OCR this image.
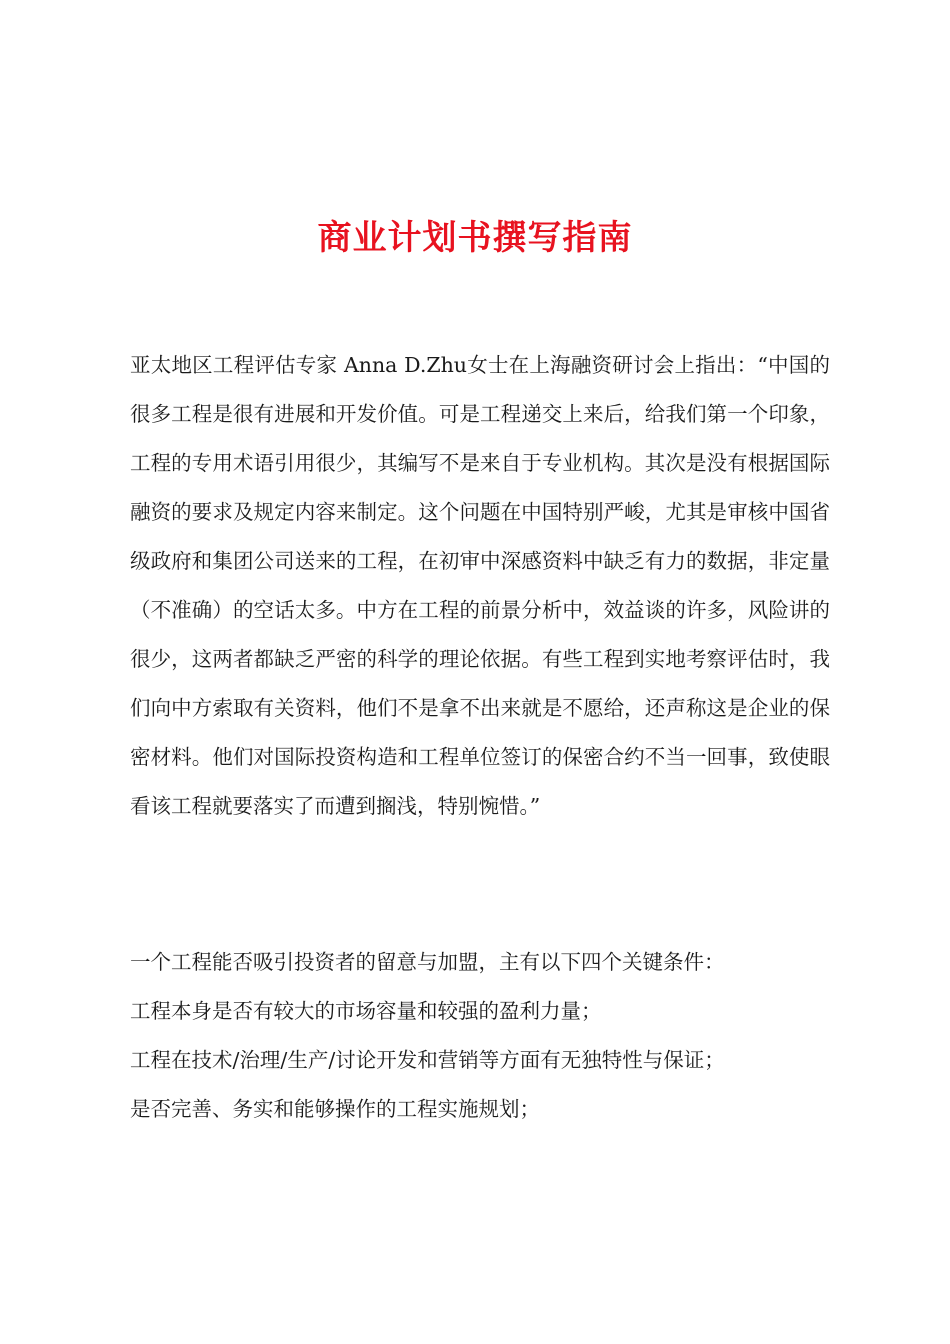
商业计划书撰写指南

亚太地区工程评估专家 Anna D.Zhu女士在上海融资研讨会上指出：“中国的很多工程是很有进展和开发价值。可是工程递交上来后，给我们第一个印象，工程的专用术语引用很少，其编写不是来自于专业机构。其次是没有根据国际融资的要求及规定内容来制定。这个问题在中国特别严峻，尤其是审核中国省级政府和集团公司送来的工程，在初审中深感资料中缺乏有力的数据，非定量（不准确）的空话太多。中方在工程的前景分析中，效益谈的许多，风险讲的很少，这两者都缺乏严密的科学的理论依据。有些工程到实地考察评估时，我们向中方索取有关资料，他们不是拿不出来就是不愿给，还声称这是企业的保密材料。他们对国际投资构造和工程单位签订的保密合约不当一回事，致使眼看该工程就要落实了而遭到搁浅，特别惋惜。”

一个工程能否吸引投资者的留意与加盟，主有以下四个关键条件：
工程本身是否有较大的市场容量和较强的盈利力量；
工程在技术/治理/生产/讨论开发和营销等方面有无独特性与保证；
是否完善、务实和能够操作的工程实施规划；
